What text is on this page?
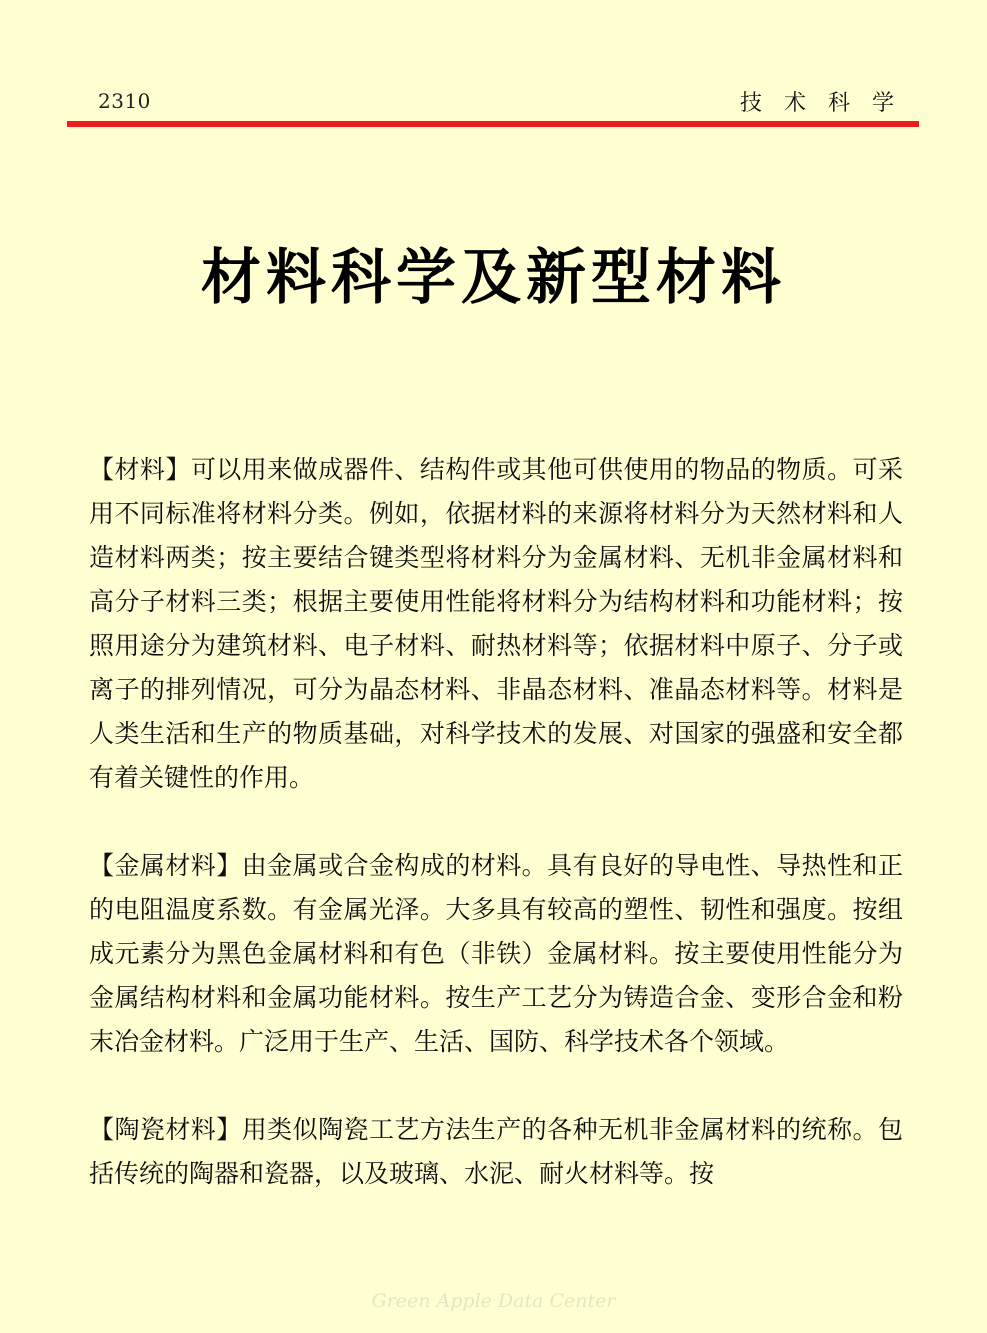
2310	技术科学
材料科学及新型材料

【材料】可以用来做成器件、结构件或其他可供使用的物品的物质。可采用不同标准将材料分类。例如，依据材料的来源将材料分为天然材料和人造材料两类；按主要结合键类型将材料分为金属材料、无机非金属材料和高分子材料三类；根据主要使用性能将材料分为结构材料和功能材料；按照用途分为建筑材料、电子材料、耐热材料等；依据材料中原子、分子或离子的排列情况，可分为晶态材料、非晶态材料、准晶态材料等。材料是人类生活和生产的物质基础，对科学技术的发展、对国家的强盛和安全都有着关键性的作用。

【金属材料】由金属或合金构成的材料。具有良好的导电性、导热性和正的电阻温度系数。有金属光泽。大多具有较高的塑性、韧性和强度。按组成元素分为黑色金属材料和有色（非铁）金属材料。按主要使用性能分为金属结构材料和金属功能材料。按生产工艺分为铸造合金、变形合金和粉末冶金材料。广泛用于生产、生活、国防、科学技术各个领域。

【陶瓷材料】用类似陶瓷工艺方法生产的各种无机非金属材料的统称。包括传统的陶器和瓷器，以及玻璃、水泥、耐火材料等。按

Green Apple Data Center
